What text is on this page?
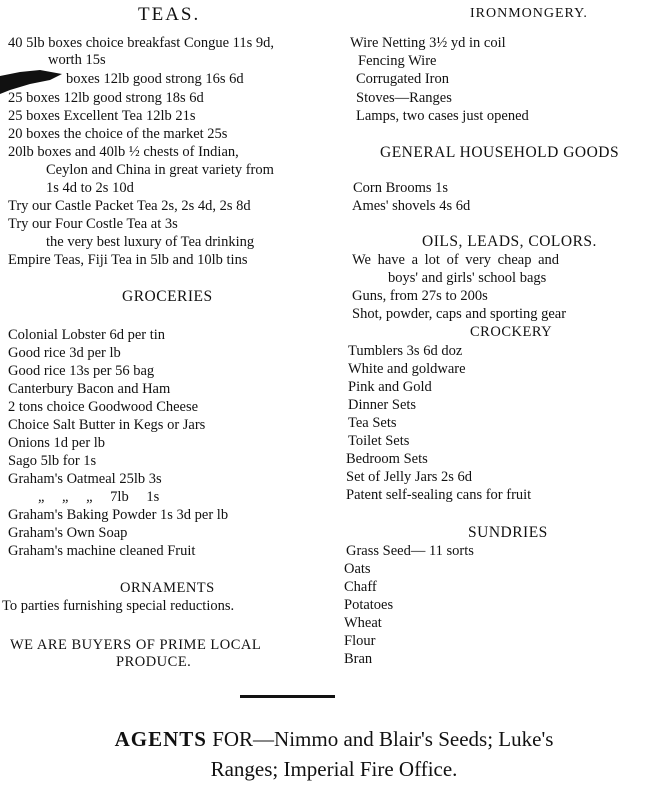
TEAS.	IRONMONGERY.
40 5lb boxes choice breakfast Congue 11s 9d,
worth 15s
boxes 12lb good strong 16s 6d
25 boxes 12lb good strong 18s 6d
25 boxes Excellent Tea 12lb 21s
20 boxes the choice of the market 25s
20lb boxes and 40lb ½ chests of Indian,
Ceylon and China in great variety from
1s 4d to 2s 10d
Try our Castle Packet Tea 2s, 2s 4d, 2s 8d
Try our Four Costle Tea at 3s
the very best luxury of Tea drinking
Empire Teas, Fiji Tea in 5lb and 10lb tins
GROCERIES
Colonial Lobster 6d per tin
Good rice 3d per lb
Good rice 13s per 56 bag
Canterbury Bacon and Ham
2 tons choice Goodwood Cheese
Choice Salt Butter in Kegs or Jars
Onions 1d per lb
Sago 5lb for 1s
Graham's Oatmeal 25lb 3s
„ „ „ 7lb 1s
Graham's Baking Powder 1s 3d per lb
Graham's Own Soap
Graham's machine cleaned Fruit
ORNAMENTS
To parties furnishing special reductions.
WE ARE BUYERS OF PRIME LOCAL
PRODUCE.
Wire Netting 3½ yd in coil
Fencing Wire
Corrugated Iron
Stoves—Ranges
Lamps, two cases just opened
GENERAL HOUSEHOLD GOODS
Corn Brooms 1s
Ames' shovels 4s 6d
OILS, LEADS, COLORS.
We have a lot of very cheap and
boys' and girls' school bags
Guns, from 27s to 200s
Shot, powder, caps and sporting gear
CROCKERY
Tumblers 3s 6d doz
White and goldware
Pink and Gold
Dinner Sets
Tea Sets
Toilet Sets
Bedroom Sets
Set of Jelly Jars 2s 6d
Patent self-sealing cans for fruit
SUNDRIES
Grass Seed— 11 sorts
Oats
Chaff
Potatoes
Wheat
Flour
Bran
AGENTS FOR—Nimmo and Blair's Seeds; Luke's
Ranges; Imperial Fire Office.
